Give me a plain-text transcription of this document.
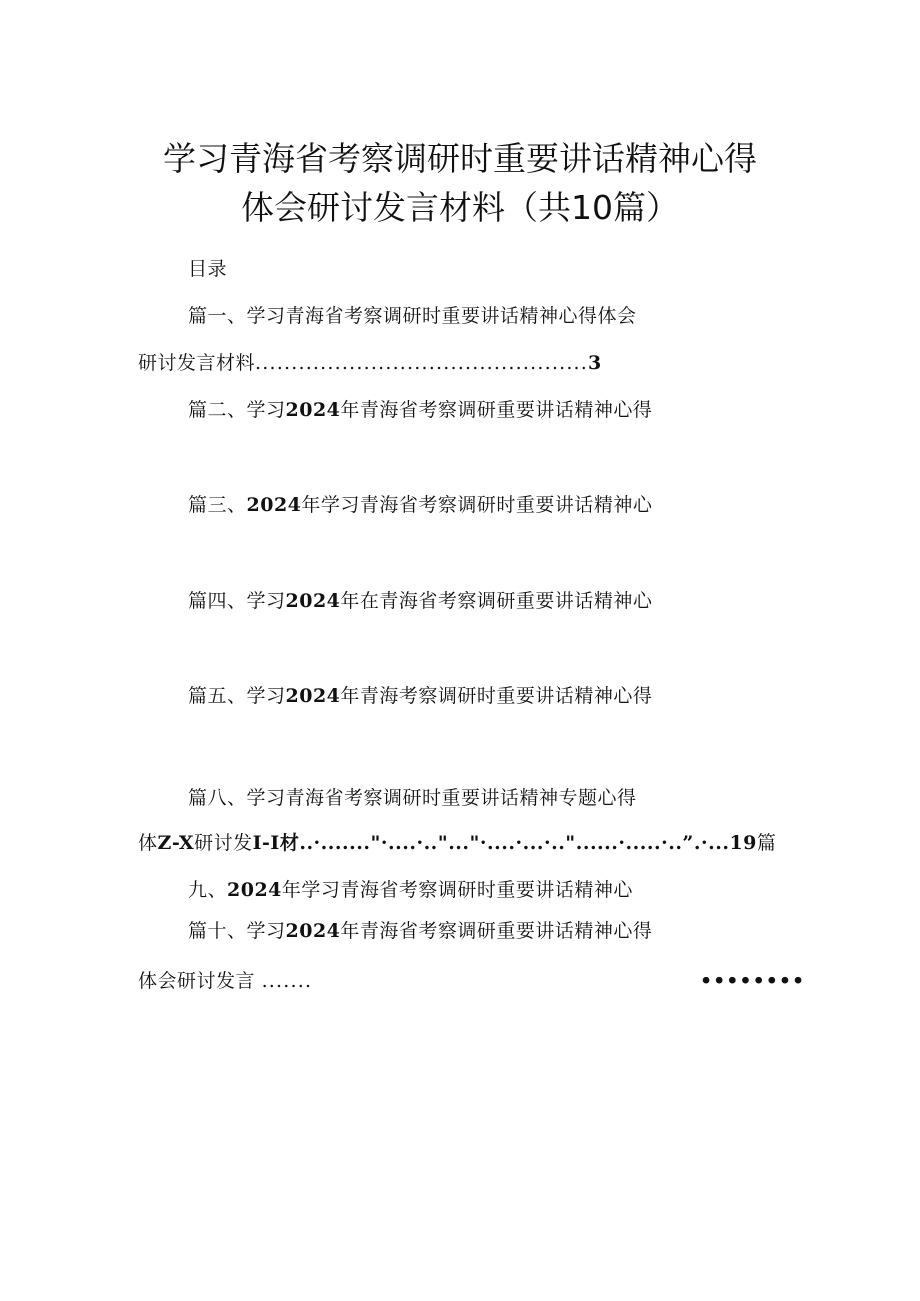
学习青海省考察调研时重要讲话精神心得
体会研讨发言材料（共10篇）
目录
篇一、学习青海省考察调研时重要讲话精神心得体会
研讨发言材料..............................................3
篇二、学习2024年青海省考察调研重要讲话精神心得
篇三、2024年学习青海省考察调研时重要讲话精神心
篇四、学习2024年在青海省考察调研重要讲话精神心
篇五、学习2024年青海考察调研时重要讲话精神心得
篇八、学习青海省考察调研时重要讲话精神专题心得
体Z-X研讨发I-I材..·......."·....·.."..."·....·...·.."......·.....·..”.·...19篇
九、2024年学习青海省考察调研时重要讲话精神心
篇十、学习2024年青海省考察调研重要讲话精神心得
体会研讨发言 .......	••••••••
